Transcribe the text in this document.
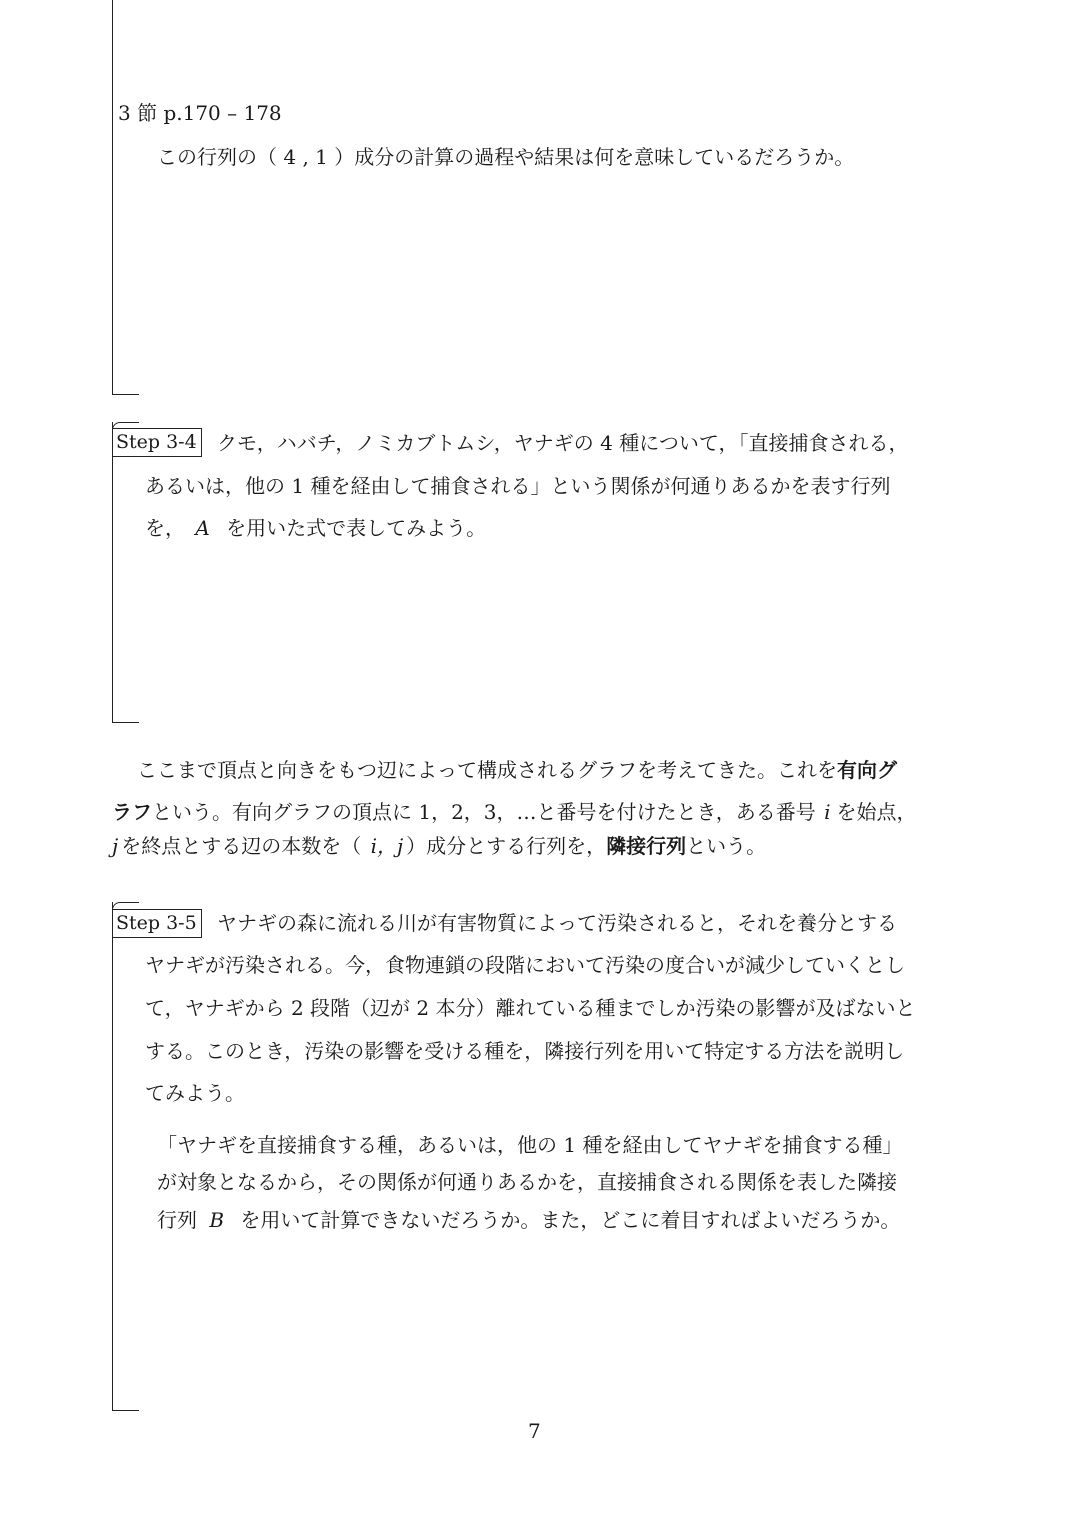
3 節 p.170 – 178
この行列の（ 4 , 1 ）成分の計算の過程や結果は何を意味しているだろうか。
Step 3-4 クモ，ハバチ，ノミカブトムシ，ヤナギの 4 種について，「直接捕食される，
あるいは，他の 1 種を経由して捕食される」という関係が何通りあるかを表す行列
を， A を用いた式で表してみよう。
ここまで頂点と向きをもつ辺によって構成されるグラフを考えてきた。これを有向グ
ラフという。有向グラフの頂点に 1，2，3，…と番号を付けたとき，ある番号 i を始点，
j を終点とする辺の本数を（ i，j ）成分とする行列を，隣接行列という。
Step 3-5 ヤナギの森に流れる川が有害物質によって汚染されると，それを養分とする
ヤナギが汚染される。今，食物連鎖の段階において汚染の度合いが減少していくとし
て，ヤナギから 2 段階（辺が 2 本分）離れている種までしか汚染の影響が及ばないと
する。このとき，汚染の影響を受ける種を，隣接行列を用いて特定する方法を説明し
てみよう。
「ヤナギを直接捕食する種，あるいは，他の 1 種を経由してヤナギを捕食する種」
が対象となるから，その関係が何通りあるかを，直接捕食される関係を表した隣接
行列 B を用いて計算できないだろうか。また，どこに着目すればよいだろうか。
7
